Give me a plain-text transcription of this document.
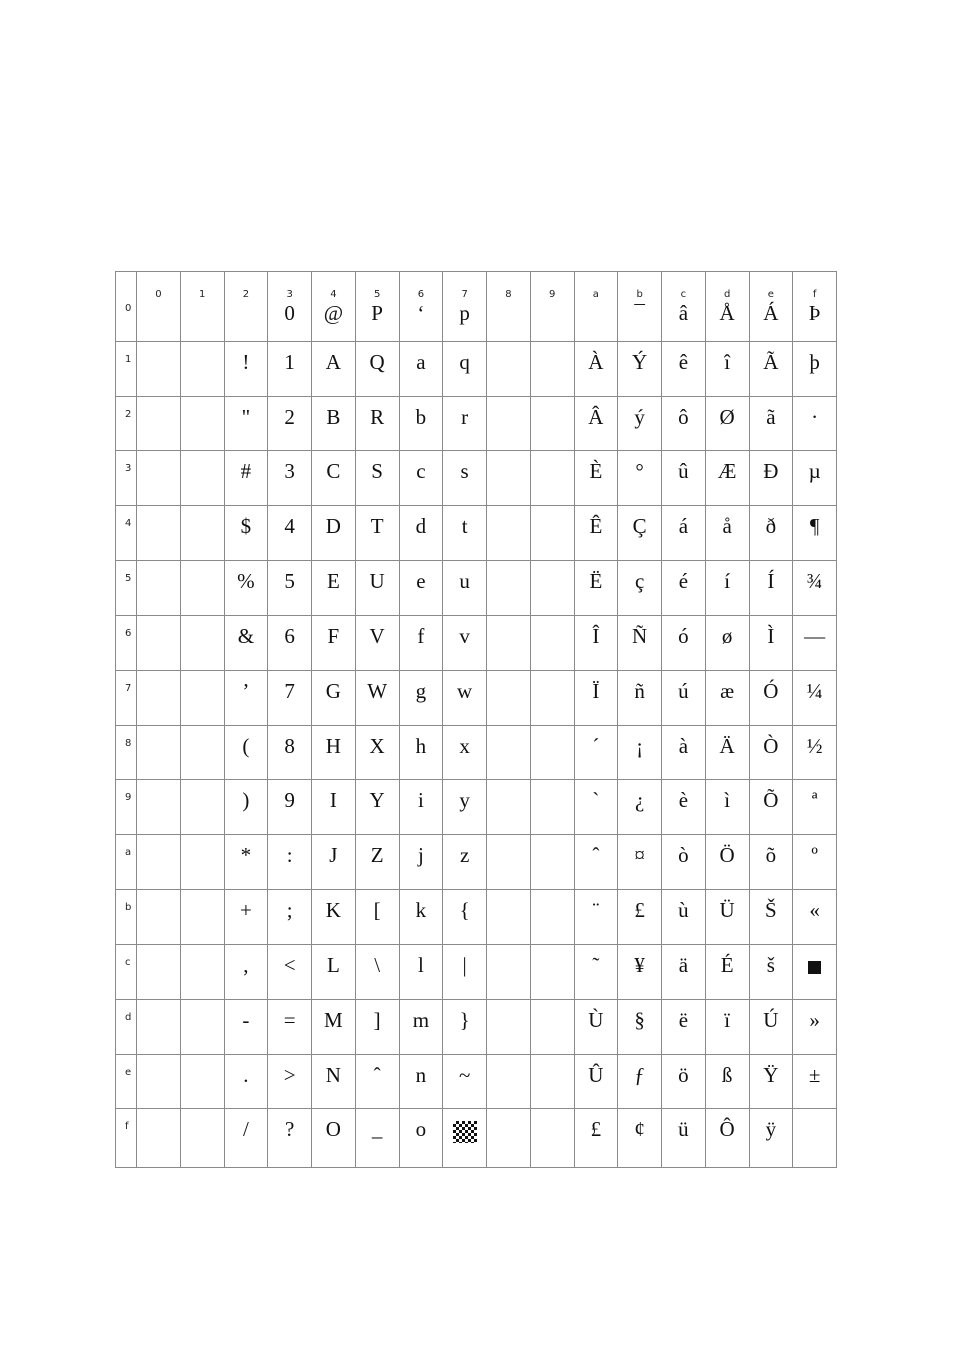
	0	1	2	3	4	5	6	7	8	9	a	b	c	d	e	f
0				0	@	P	‘	p				¯	â	Å	Á	Þ
1			!	1	A	Q	a	q			À	Ý	ê	î	Ã	þ
2			"	2	B	R	b	r			Â	ý	ô	Ø	ã	·
3			#	3	C	S	c	s			È	°	û	Æ	Đ	µ
4			$	4	D	T	d	t			Ê	Ç	á	å	ð	¶
5			%	5	E	U	e	u			Ë	ç	é	í	Í	¾
6			&	6	F	V	f	v			Î	Ñ	ó	ø	Ì	—
7			’	7	G	W	g	w			Ï	ñ	ú	æ	Ó	¼
8			(	8	H	X	h	x			´	¡	à	Ä	Ò	½
9			)	9	I	Y	i	y			`	¿	è	ì	Õ	ª
a			*	:	J	Z	j	z			ˆ	¤	ò	Ö	õ	º
b			+	;	K	[	k	{			¨	£	ù	Ü	Š	«
c			,	<	L	\	l	|			˜	¥	ä	É	š	
d			-	=	M	]	m	}			Ù	§	ë	ï	Ú	»
e			.	>	N	ˆ	n	~			Û	ƒ	ö	ß	Ÿ	±
f			/	?	O	_	o				£	¢	ü	Ô	ÿ	
